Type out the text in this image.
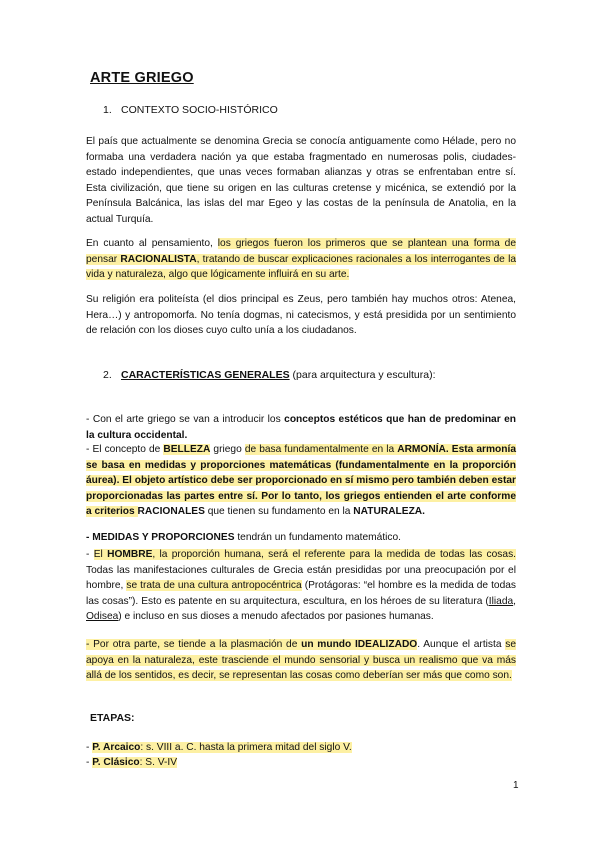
ARTE GRIEGO
1. CONTEXTO SOCIO-HISTÓRICO
El país que actualmente se denomina Grecia se conocía antiguamente como Hélade, pero no formaba una verdadera nación ya que estaba fragmentado en numerosas polis, ciudades-estado independientes, que unas veces formaban alianzas y otras se enfrentaban entre sí. Esta civilización, que tiene su origen en las culturas cretense y micénica, se extendió por la Península Balcánica, las islas del mar Egeo y las costas de la península de Anatolia, en la actual Turquía.
En cuanto al pensamiento, los griegos fueron los primeros que se plantean una forma de pensar RACIONALISTA, tratando de buscar explicaciones racionales a los interrogantes de la vida y naturaleza, algo que lógicamente influirá en su arte.
Su religión era politeísta (el dios principal es Zeus, pero también hay muchos otros: Atenea, Hera…) y antropomorfa. No tenía dogmas, ni catecismos, y está presidida por un sentimiento de relación con los dioses cuyo culto unía a los ciudadanos.
2. CARACTERÍSTICAS GENERALES (para arquitectura y escultura):
- Con el arte griego se van a introducir los conceptos estéticos que han de predominar en la cultura occidental.
- El concepto de BELLEZA griego de basa fundamentalmente en la ARMONÍA. Esta armonía se basa en medidas y proporciones matemáticas (fundamentalmente en la proporción áurea). El objeto artístico debe ser proporcionado en sí mismo pero también deben estar proporcionadas las partes entre sí. Por lo tanto, los griegos entienden el arte conforme a criterios RACIONALES que tienen su fundamento en la NATURALEZA.
- MEDIDAS Y PROPORCIONES tendrán un fundamento matemático.
- El HOMBRE, la proporción humana, será el referente para la medida de todas las cosas. Todas las manifestaciones culturales de Grecia están presididas por una preocupación por el hombre, se trata de una cultura antropocéntrica (Protágoras: “el hombre es la medida de todas las cosas”). Esto es patente en su arquitectura, escultura, en los héroes de su literatura (Iliada, Odisea) e incluso en sus dioses a menudo afectados por pasiones humanas.
- Por otra parte, se tiende a la plasmación de un mundo IDEALIZADO. Aunque el artista se apoya en la naturaleza, este trasciende el mundo sensorial y busca un realismo que va más allá de los sentidos, es decir, se representan las cosas como deberían ser más que como son.
ETAPAS:
- P. Arcaico: s. VIII a. C. hasta la primera mitad del siglo V.
- P. Clásico: S. V-IV
1
